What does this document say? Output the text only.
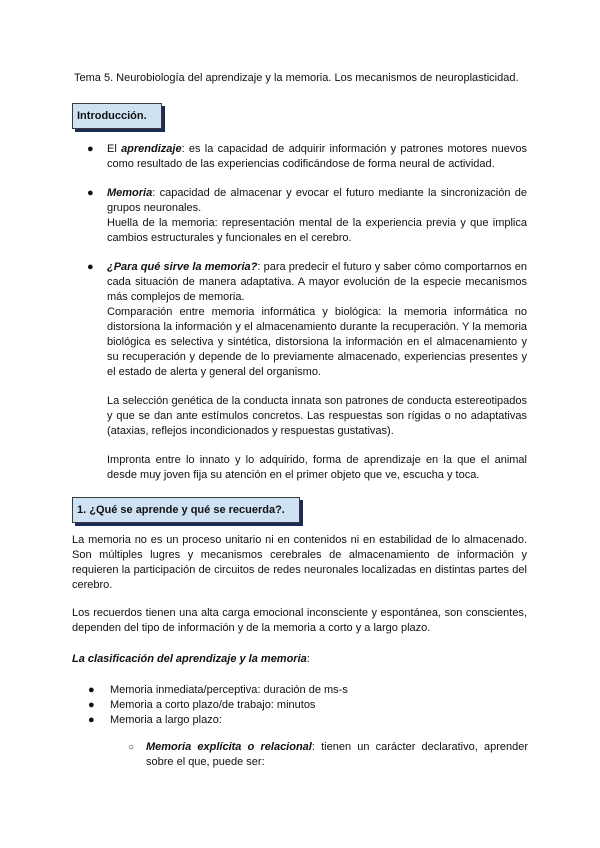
Tema 5. Neurobiología del aprendizaje y la memoria. Los mecanismos de neuroplasticidad.
Introducción.
● El aprendizaje: es la capacidad de adquirir información y patrones motores nuevos como resultado de las experiencias codificándose de forma neural de actividad.
● Memoria: capacidad de almacenar y evocar el futuro mediante la sincronización de grupos neuronales.
Huella de la memoria: representación mental de la experiencia previa y que implica cambios estructurales y funcionales en el cerebro.
● ¿Para qué sirve la memoria?: para predecir el futuro y saber cómo comportarnos en cada situación de manera adaptativa. A mayor evolución de la especie mecanismos más complejos de memoria.
Comparación entre memoria informática y biológica: la memoria informática no distorsiona la información y el almacenamiento durante la recuperación. Y la memoria biológica es selectiva y sintética, distorsiona la información en el almacenamiento y su recuperación y depende de lo previamente almacenado, experiencias presentes y el estado de alerta y general del organismo.
La selección genética de la conducta innata son patrones de conducta estereotipados y que se dan ante estímulos concretos. Las respuestas son rígidas o no adaptativas (ataxias, reflejos incondicionados y respuestas gustativas).
Impronta entre lo innato y lo adquirido, forma de aprendizaje en la que el animal desde muy joven fija su atención en el primer objeto que ve, escucha y toca.
1. ¿Qué se aprende y qué se recuerda?.
La memoria no es un proceso unitario ni en contenidos ni en estabilidad de lo almacenado. Son múltiples lugres y mecanismos cerebrales de almacenamiento de información y requieren la participación de circuitos de redes neuronales localizadas en distintas partes del cerebro.
Los recuerdos tienen una alta carga emocional inconsciente y espontánea, son conscientes, dependen del tipo de información y de la memoria a corto y a largo plazo.
La clasificación del aprendizaje y la memoria:
● Memoria inmediata/perceptiva: duración de ms-s
● Memoria a corto plazo/de trabajo: minutos
● Memoria a largo plazo:
○ Memoria explícita o relacional: tienen un carácter declarativo, aprender sobre el que, puede ser:
